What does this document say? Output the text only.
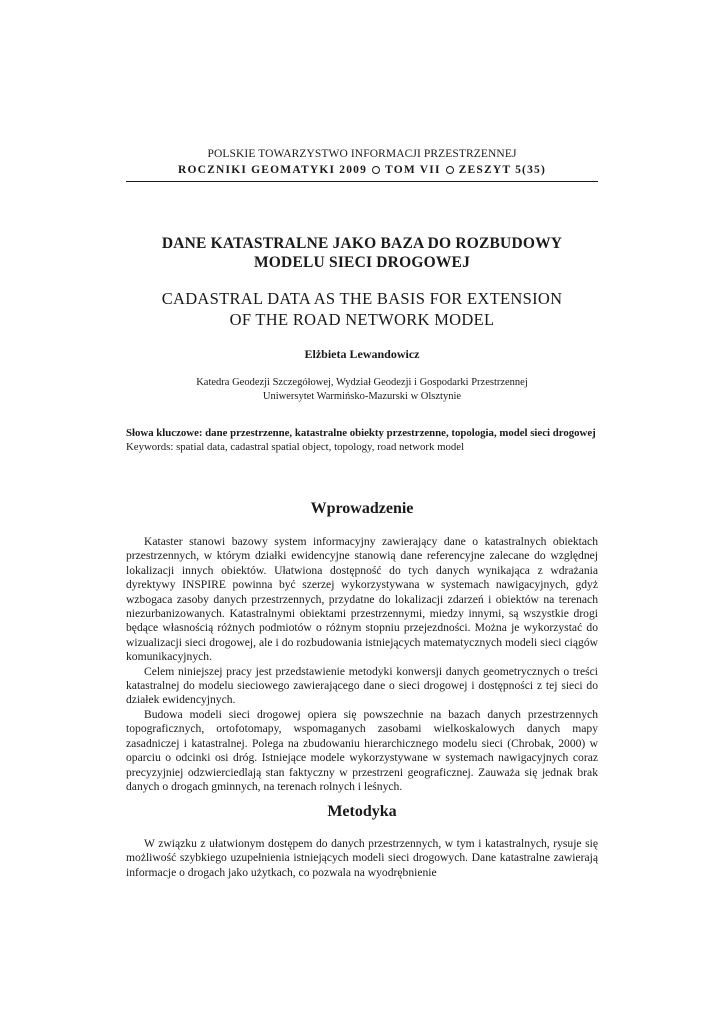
POLSKIE TOWARZYSTWO INFORMACJI PRZESTRZENNEJ
ROCZNIKI GEOMATYKI 2009 TOM VII ZESZYT 5(35)
DANE KATASTRALNE JAKO BAZA DO ROZBUDOWY
MODELU SIECI DROGOWEJ
CADASTRAL DATA AS THE BASIS FOR EXTENSION
OF THE ROAD NETWORK MODEL
Elżbieta Lewandowicz
Katedra Geodezji Szczegółowej, Wydział Geodezji i Gospodarki Przestrzennej
Uniwersytet Warmińsko-Mazurski w Olsztynie
Słowa kluczowe: dane przestrzenne, katastralne obiekty przestrzenne, topologia, model sieci drogowej
Keywords: spatial data, cadastral spatial object, topology, road network model
Wprowadzenie

Kataster stanowi bazowy system informacyjny zawierający dane o katastralnych obiektach przestrzennych, w którym działki ewidencyjne stanowią dane referencyjne zalecane do względnej lokalizacji innych obiektów. Ułatwiona dostępność do tych danych wynikająca z wdrażania dyrektywy INSPIRE powinna być szerzej wykorzystywana w systemach nawigacyjnych, gdyż wzbogaca zasoby danych przestrzennych, przydatne do lokalizacji zdarzeń i obiektów na terenach niezurbanizowanych. Katastralnymi obiektami przestrzennymi, miedzy innymi, są wszystkie drogi będące własnością różnych podmiotów o różnym stopniu przejezdności. Można je wykorzystać do wizualizacji sieci drogowej, ale i do rozbudowania istniejących matematycznych modeli sieci ciągów komunikacyjnych.

Celem niniejszej pracy jest przedstawienie metodyki konwersji danych geometrycznych o treści katastralnej do modelu sieciowego zawierającego dane o sieci drogowej i dostępności z tej sieci do działek ewidencyjnych.

Budowa modeli sieci drogowej opiera się powszechnie na bazach danych przestrzennych topograficznych, ortofotomapy, wspomaganych zasobami wielkoskalowych danych mapy zasadniczej i katastralnej. Polega na zbudowaniu hierarchicznego modelu sieci (Chrobak, 2000) w oparciu o odcinki osi dróg. Istniejące modele wykorzystywane w systemach nawigacyjnych coraz precyzyjniej odzwierciedlają stan faktyczny w przestrzeni geograficznej. Zauważa się jednak brak danych o drogach gminnych, na terenach rolnych i leśnych.

Metodyka

W związku z ułatwionym dostępem do danych przestrzennych, w tym i katastralnych, rysuje się możliwość szybkiego uzupełnienia istniejących modeli sieci drogowych. Dane katastralne zawierają informacje o drogach jako użytkach, co pozwala na wyodrębnienie
